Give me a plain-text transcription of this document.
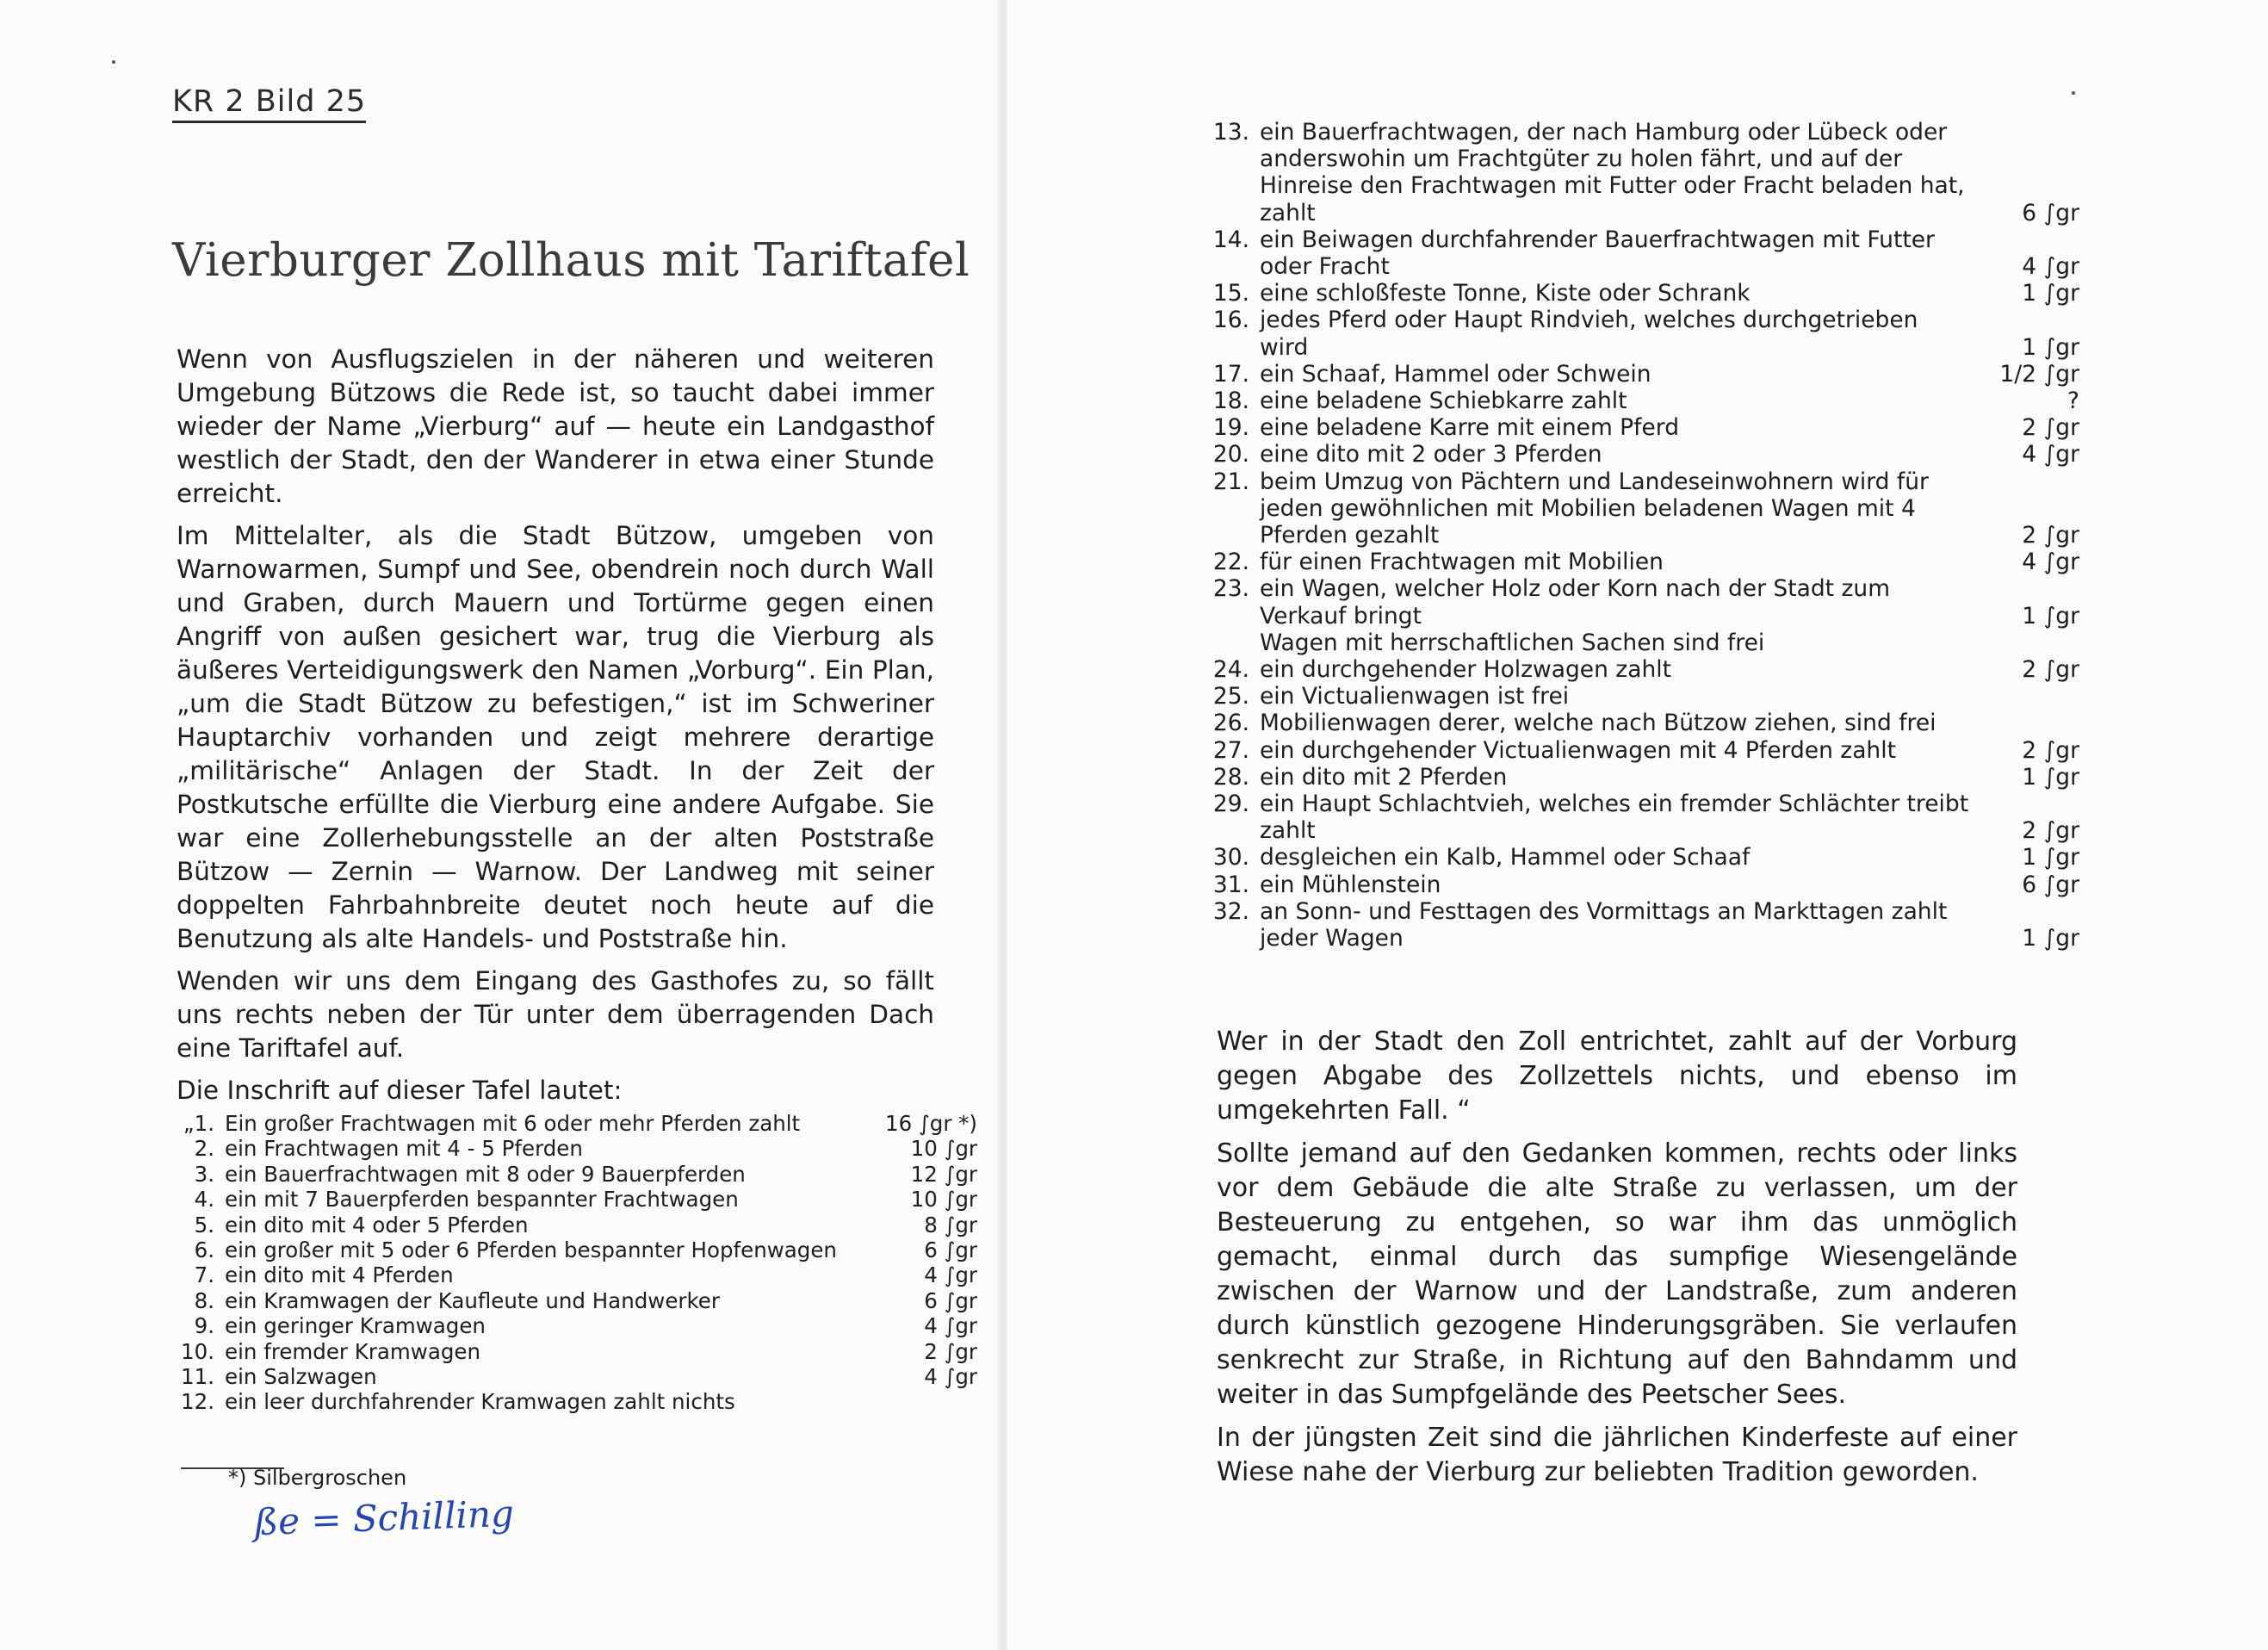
KR 2 Bild 25
Vierburger Zollhaus mit Tariftafel

Wenn von Ausflugszielen in der näheren und weiteren Umgebung Bützows die Rede ist, so taucht dabei immer wieder der Name „Vierburg“ auf — heute ein Landgasthof westlich der Stadt, den der Wanderer in etwa einer Stunde erreicht.

Im Mittelalter, als die Stadt Bützow, umgeben von Warnowarmen, Sumpf und See, obendrein noch durch Wall und Graben, durch Mauern und Tortürme gegen einen Angriff von außen gesichert war, trug die Vierburg als äußeres Verteidigungswerk den Namen „Vorburg“. Ein Plan, „um die Stadt Bützow zu befestigen,“ ist im Schweriner Hauptarchiv vorhanden und zeigt mehrere derartige „militärische“ Anlagen der Stadt. In der Zeit der Postkutsche erfüllte die Vierburg eine andere Aufgabe. Sie war eine Zollerhebungsstelle an der alten Poststraße Bützow — Zernin — Warnow. Der Landweg mit seiner doppelten Fahrbahnbreite deutet noch heute auf die Benutzung als alte Handels- und Poststraße hin.

Wenden wir uns dem Eingang des Gasthofes zu, so fällt uns rechts neben der Tür unter dem überragenden Dach eine Tariftafel auf.

Die Inschrift auf dieser Tafel lautet:

„1. Ein großer Frachtwagen mit 6 oder mehr Pferden zahlt	16 ∫gr *)
2. ein Frachtwagen mit 4 - 5 Pferden	10 ∫gr
3. ein Bauerfrachtwagen mit 8 oder 9 Bauerpferden	12 ∫gr
4. ein mit 7 Bauerpferden bespannter Frachtwagen	10 ∫gr
5. ein dito mit 4 oder 5 Pferden	8 ∫gr
6. ein großer mit 5 oder 6 Pferden bespannter Hopfenwagen	6 ∫gr
7. ein dito mit 4 Pferden	4 ∫gr
8. ein Kramwagen der Kaufleute und Handwerker	6 ∫gr
9. ein geringer Kramwagen	4 ∫gr
10. ein fremder Kramwagen	2 ∫gr
11. ein Salzwagen	4 ∫gr
12. ein leer durchfahrender Kramwagen zahlt nichts
*) Silbergroschen
ße = Schilling
13. ein Bauerfrachtwagen, der nach Hamburg oder Lübeck oder anderswohin um Frachtgüter zu holen fährt, und auf der Hinreise den Frachtwagen mit Futter oder Fracht beladen hat, zahlt	6 ∫gr
14. ein Beiwagen durchfahrender Bauerfrachtwagen mit Futter oder Fracht	4 ∫gr
15. eine schloßfeste Tonne, Kiste oder Schrank	1 ∫gr
16. jedes Pferd oder Haupt Rindvieh, welches durchgetrieben wird	1 ∫gr
17. ein Schaaf, Hammel oder Schwein	1/2 ∫gr
18. eine beladene Schiebkarre zahlt	?
19. eine beladene Karre mit einem Pferd	2 ∫gr
20. eine dito mit 2 oder 3 Pferden	4 ∫gr
21. beim Umzug von Pächtern und Landeseinwohnern wird für jeden gewöhnlichen mit Mobilien beladenen Wagen mit 4 Pferden gezahlt	2 ∫gr
22. für einen Frachtwagen mit Mobilien	4 ∫gr
23. ein Wagen, welcher Holz oder Korn nach der Stadt zum Verkauf bringt	1 ∫gr
Wagen mit herrschaftlichen Sachen sind frei
24. ein durchgehender Holzwagen zahlt	2 ∫gr
25. ein Victualienwagen ist frei
26. Mobilienwagen derer, welche nach Bützow ziehen, sind frei
27. ein durchgehender Victualienwagen mit 4 Pferden zahlt	2 ∫gr
28. ein dito mit 2 Pferden	1 ∫gr
29. ein Haupt Schlachtvieh, welches ein fremder Schlächter treibt zahlt	2 ∫gr
30. desgleichen ein Kalb, Hammel oder Schaaf	1 ∫gr
31. ein Mühlenstein	6 ∫gr
32. an Sonn- und Festtagen des Vormittags an Markttagen zahlt jeder Wagen	1 ∫gr

Wer in der Stadt den Zoll entrichtet, zahlt auf der Vorburg gegen Abgabe des Zollzettels nichts, und ebenso im umgekehrten Fall. “

Sollte jemand auf den Gedanken kommen, rechts oder links vor dem Gebäude die alte Straße zu verlassen, um der Besteuerung zu entgehen, so war ihm das unmöglich gemacht, einmal durch das sumpfige Wiesengelände zwischen der Warnow und der Landstraße, zum anderen durch künstlich gezogene Hinderungsgräben. Sie verlaufen senkrecht zur Straße, in Richtung auf den Bahndamm und weiter in das Sumpfgelände des Peetscher Sees.

In der jüngsten Zeit sind die jährlichen Kinderfeste auf einer Wiese nahe der Vierburg zur beliebten Tradition geworden.
